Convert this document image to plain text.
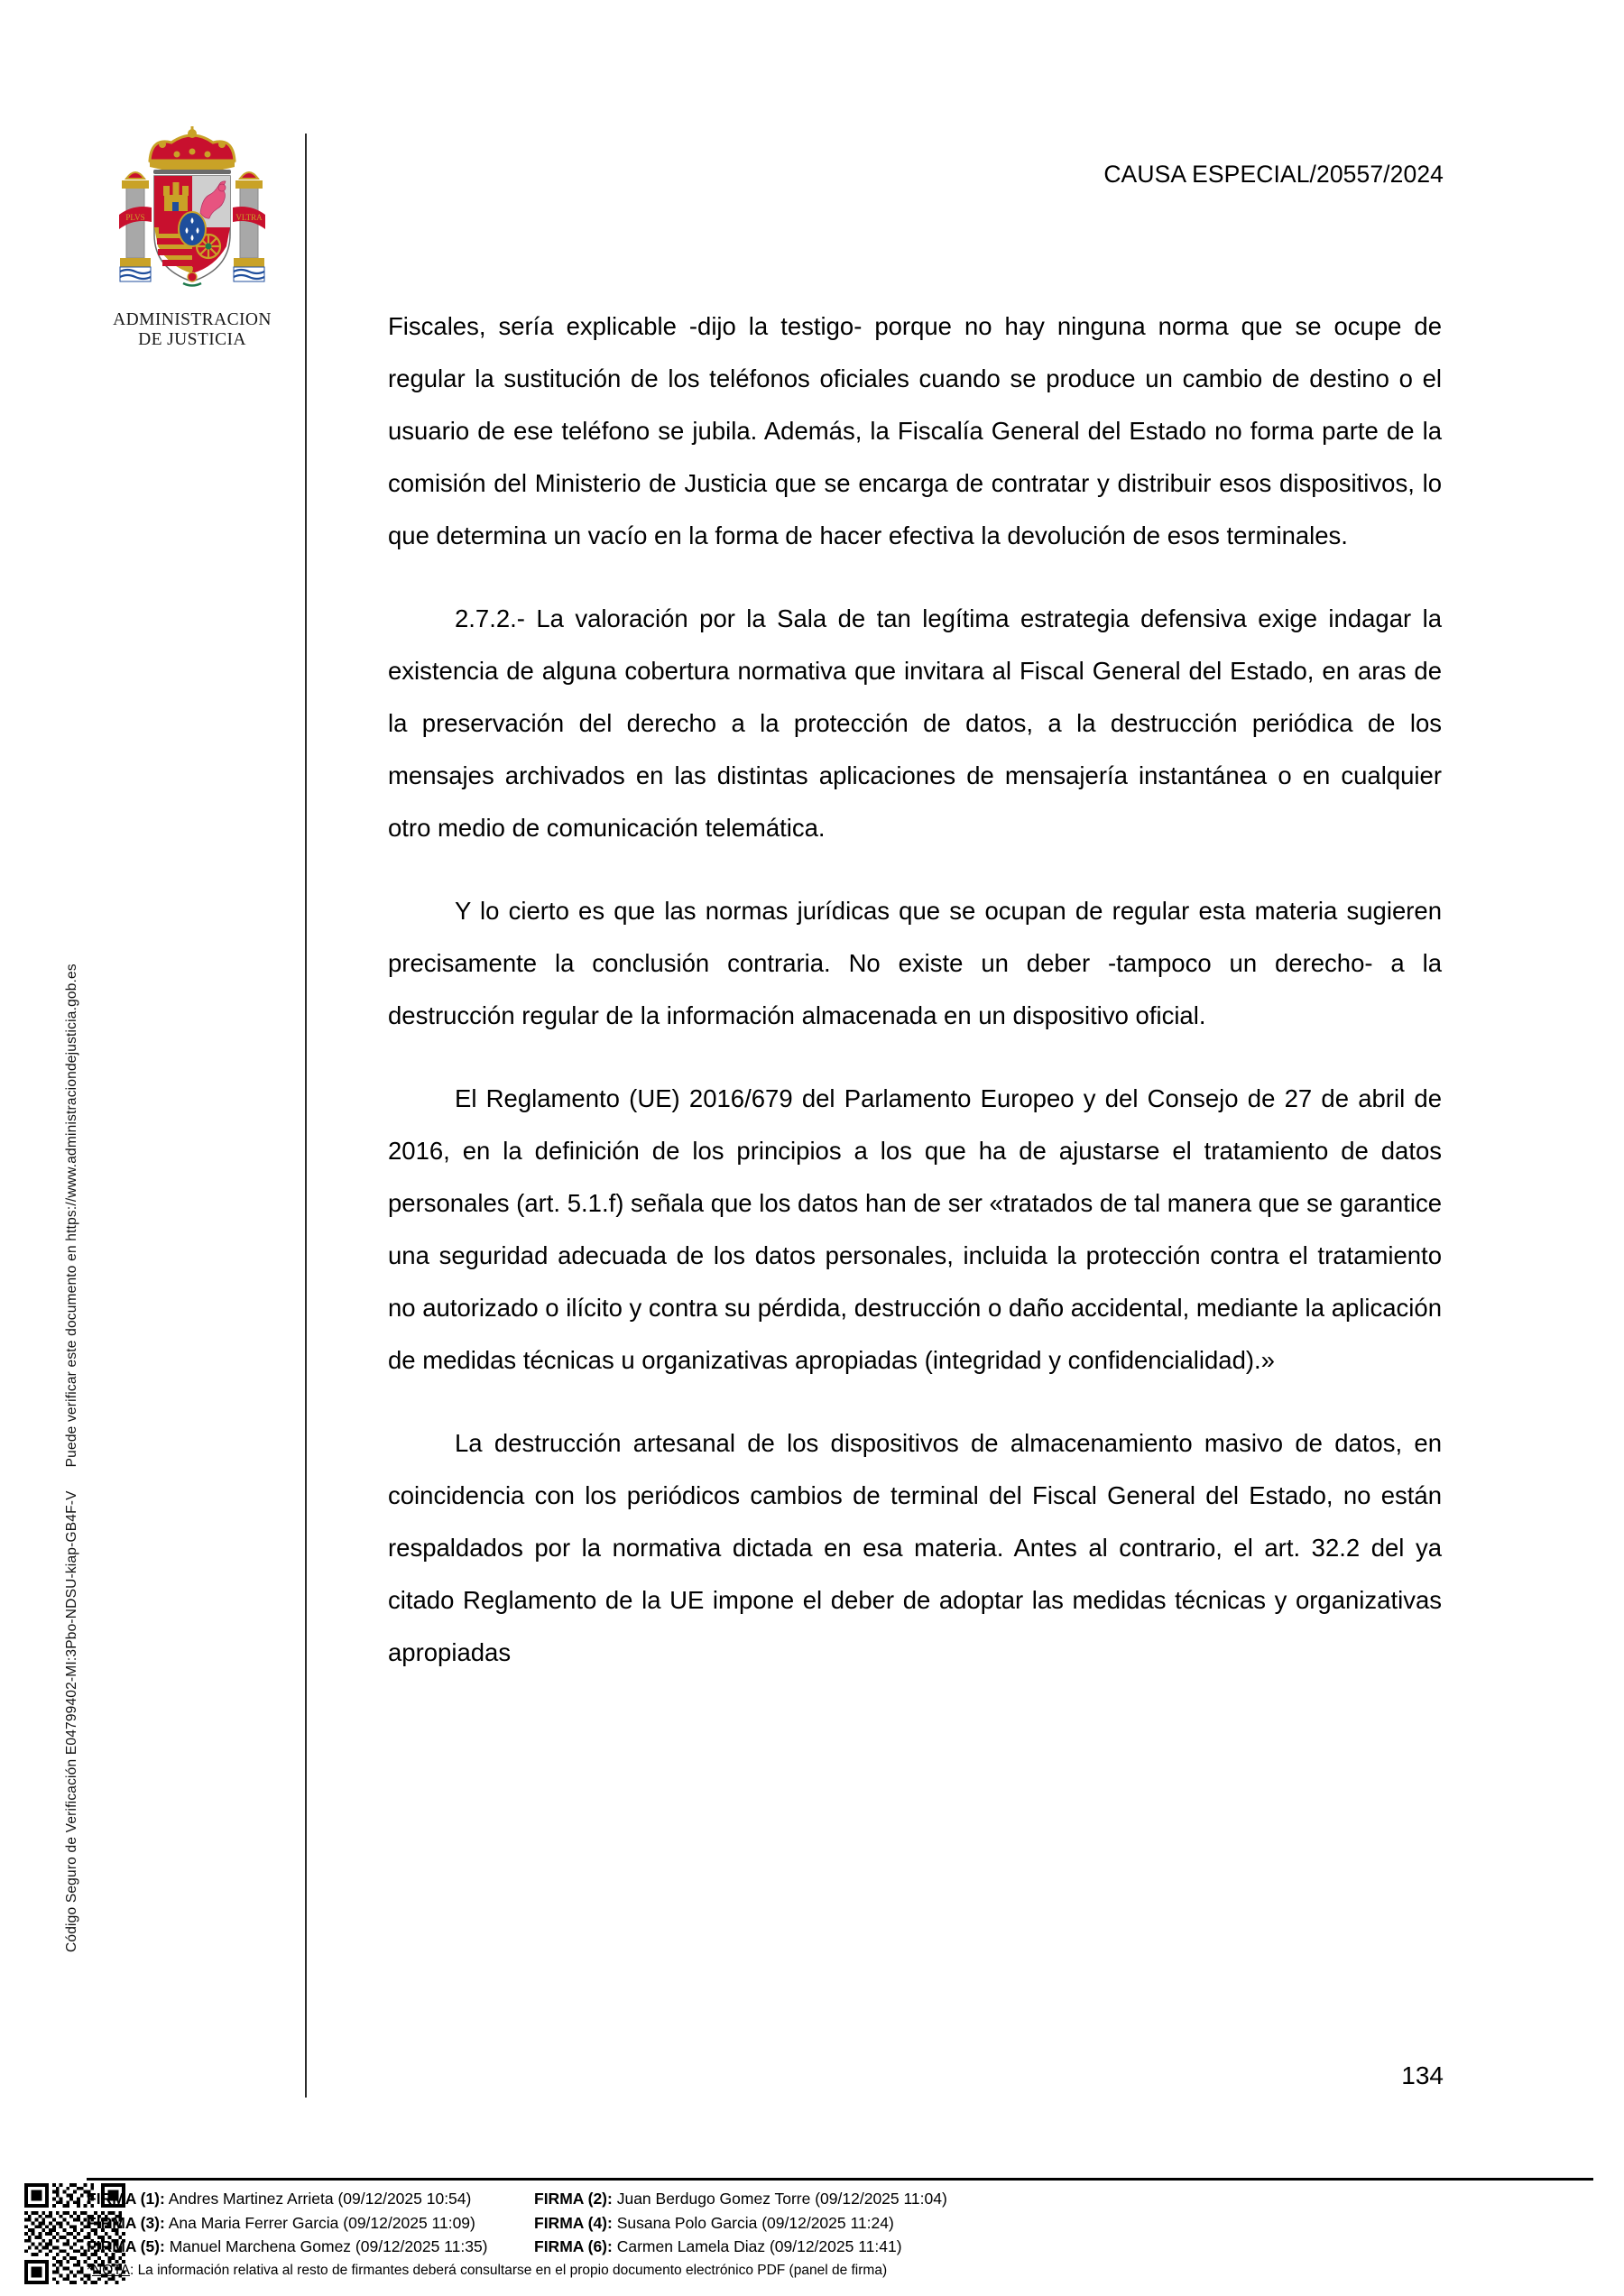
Código Seguro de Verificación E04799402-MI:3Pbo-NDSU-kiap-GB4F-VPuede verificar este documento en https://www.administraciondejusticia.gob.es
PLVS	VLTRA
ADMINISTRACION
DE JUSTICIA
CAUSA ESPECIAL/20557/2024

Fiscales, sería explicable -dijo la testigo- porque no hay ninguna norma que se ocupe de regular la sustitución de los teléfonos oficiales cuando se produce un cambio de destino o el usuario de ese teléfono se jubila. Además, la Fiscalía General del Estado no forma parte de la comisión del Ministerio de Justicia que se encarga de contratar y distribuir esos dispositivos, lo que determina un vacío en la forma de hacer efectiva la devolución de esos terminales.

2.7.2.- La valoración por la Sala de tan legítima estrategia defensiva exige indagar la existencia de alguna cobertura normativa que invitara al Fiscal General del Estado, en aras de la preservación del derecho a la protección de datos, a la destrucción periódica de los mensajes archivados en las distintas aplicaciones de mensajería instantánea o en cualquier otro medio de comunicación telemática.

Y lo cierto es que las normas jurídicas que se ocupan de regular esta materia sugieren precisamente la conclusión contraria. No existe un deber -tampoco un derecho- a la destrucción regular de la información almacenada en un dispositivo oficial.

El Reglamento (UE) 2016/679 del Parlamento Europeo y del Consejo de 27 de abril de 2016, en la definición de los principios a los que ha de ajustarse el tratamiento de datos personales (art. 5.1.f) señala que los datos han de ser «tratados de tal manera que se garantice una seguridad adecuada de los datos personales, incluida la protección contra el tratamiento no autorizado o ilícito y contra su pérdida, destrucción o daño accidental, mediante la aplicación de medidas técnicas u organizativas apropiadas (integridad y confidencialidad).»

La destrucción artesanal de los dispositivos de almacenamiento masivo de datos, en coincidencia con los periódicos cambios de terminal del Fiscal General del Estado, no están respaldados por la normativa dictada en esa materia. Antes al contrario, el art. 32.2 del ya citado Reglamento de la UE impone el deber de adoptar las medidas técnicas y organizativas apropiadas

134
FIRMA (1): Andres Martinez Arrieta (09/12/2025 10:54)	FIRMA (2): Juan Berdugo Gomez Torre (09/12/2025 11:04)
FIRMA (3): Ana Maria Ferrer Garcia (09/12/2025 11:09)	FIRMA (4): Susana Polo Garcia (09/12/2025 11:24)
FIRMA (5): Manuel Marchena Gomez (09/12/2025 11:35)	FIRMA (6): Carmen Lamela Diaz (09/12/2025 11:41)
*NOTA: La información relativa al resto de firmantes deberá consultarse en el propio documento electrónico PDF (panel de firma)
